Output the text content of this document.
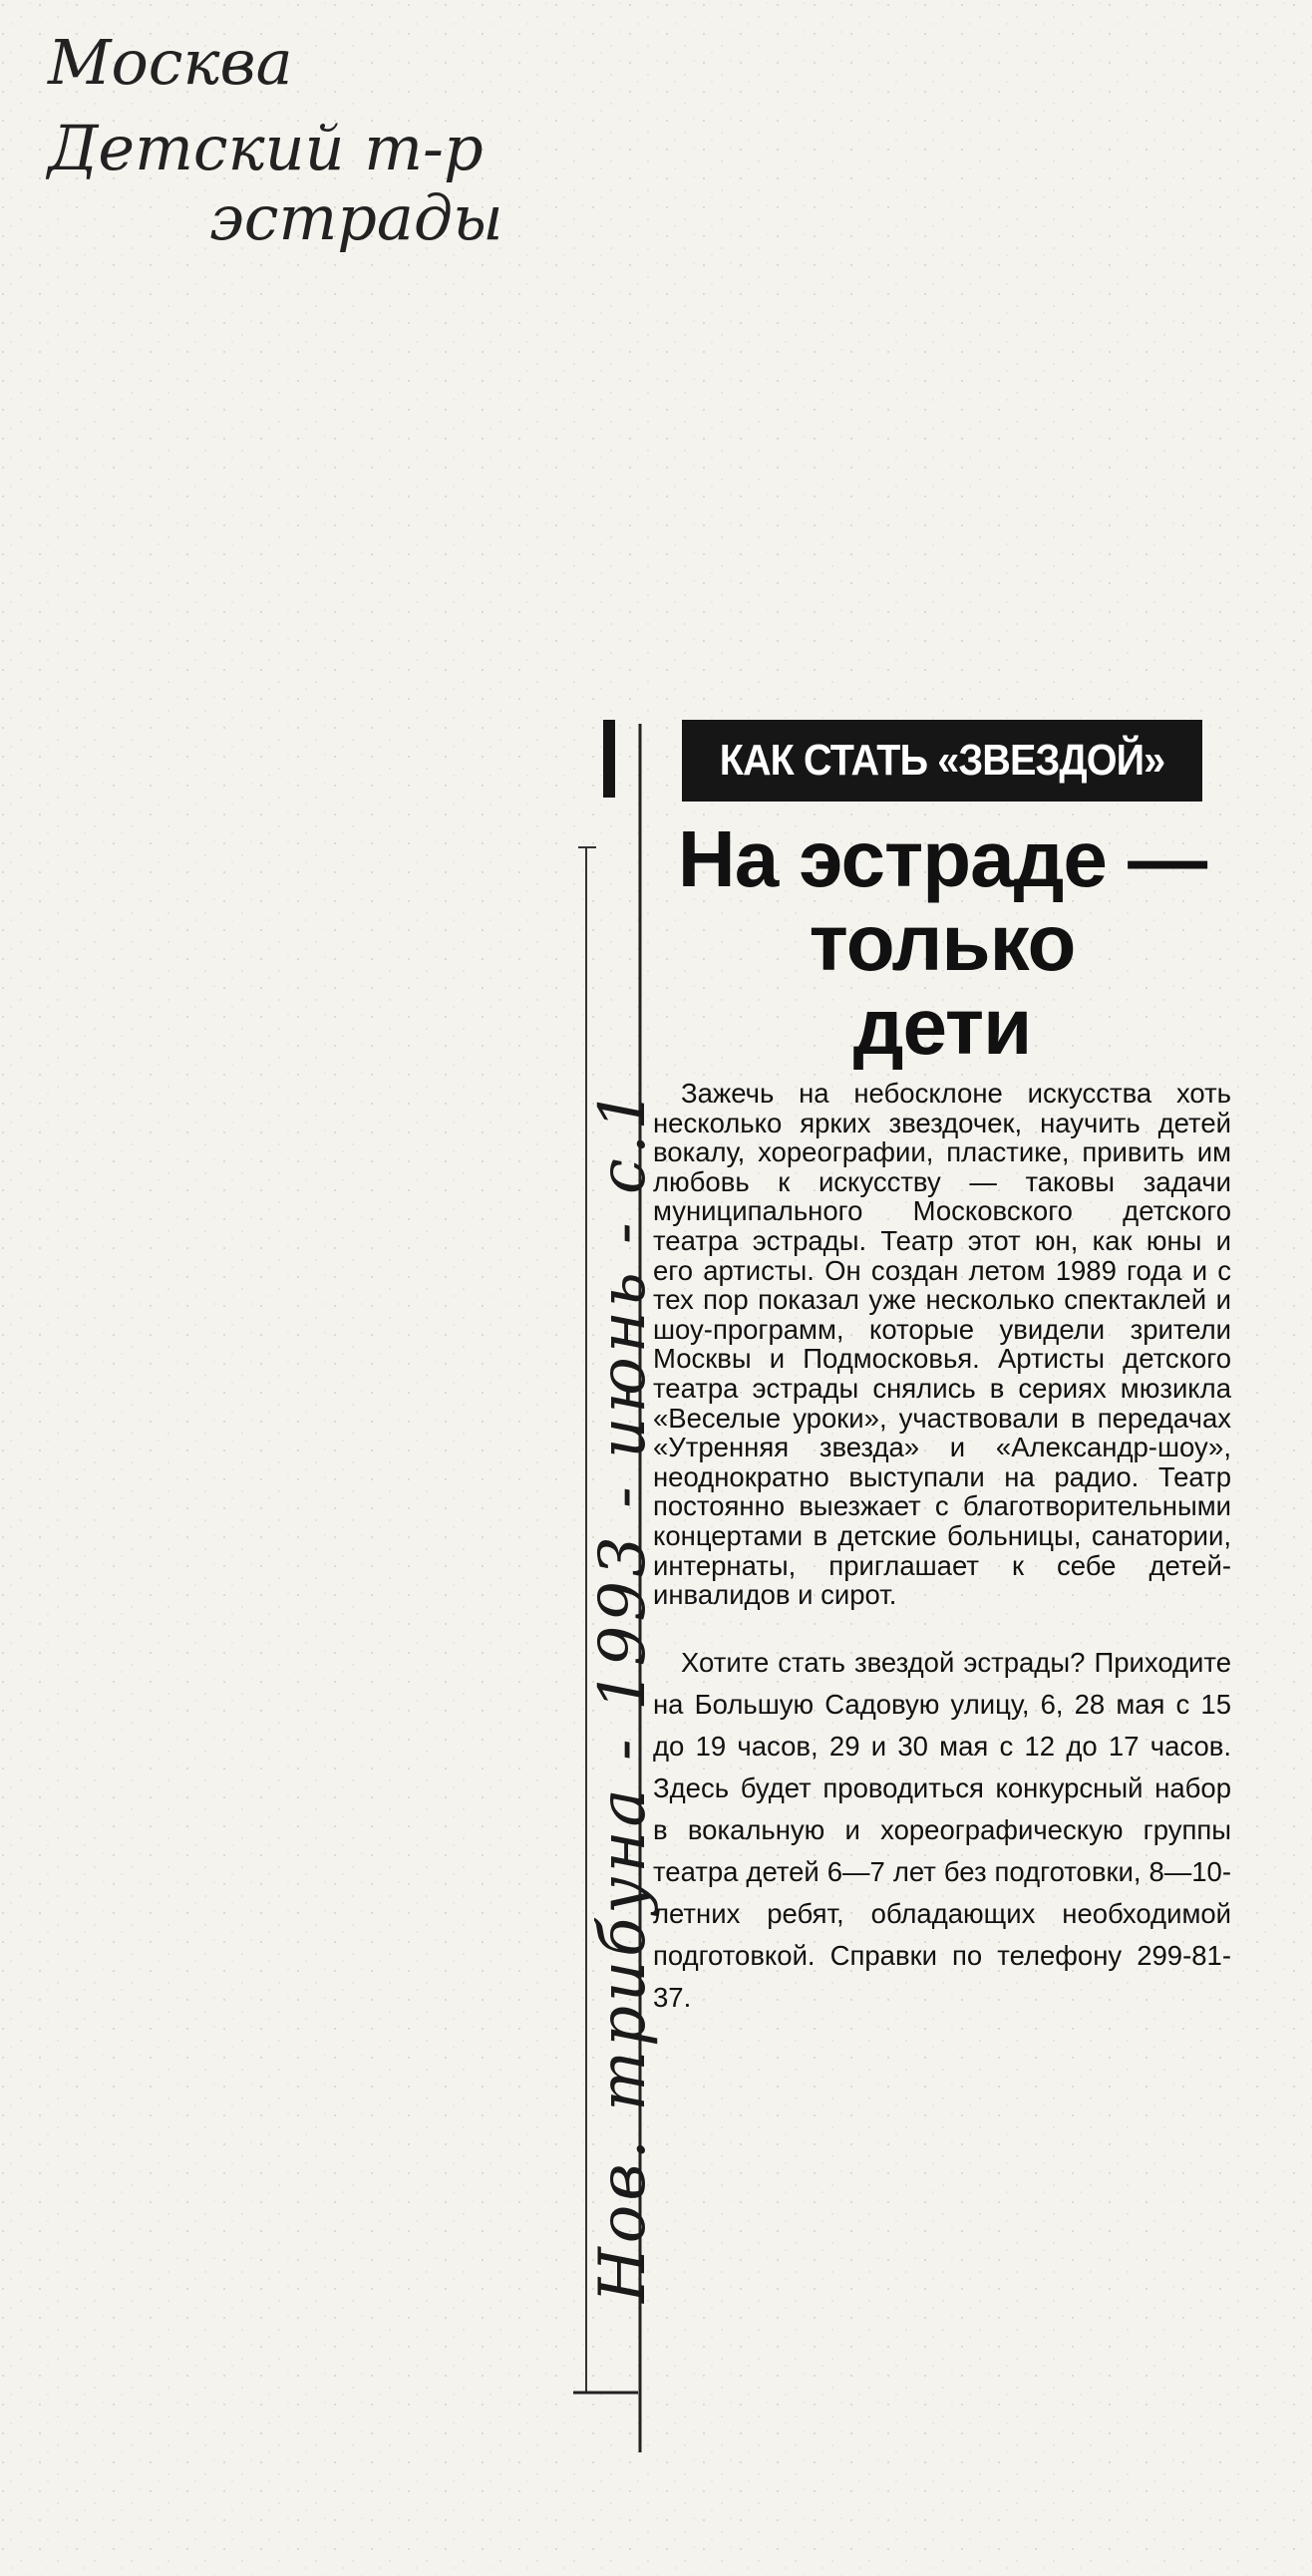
Москва
Детский т-р
эстрады
Нов. трибуна - 1993 - июнь - с.1
КАК СТАТЬ «ЗВЕЗДОЙ»
На эстраде —
только
дети

Зажечь на небосклоне искусства хоть несколько ярких звездочек, научить детей вокалу, хореографии, пластике, привить им любовь к искусству — таковы задачи муниципального Московского детского театра эстрады. Театр этот юн, как юны и его артисты. Он создан летом 1989 года и с тех пор показал уже несколько спектаклей и шоу-программ, которые увидели зрители Москвы и Подмосковья. Артисты детского театра эстрады снялись в сериях мюзикла «Веселые уроки», участвовали в передачах «Утренняя звезда» и «Александр-шоу», неоднократно выступали на радио. Театр постоянно выезжает с благотворительными концертами в детские больницы, санатории, интернаты, приглашает к себе детей-инвалидов и сирот.

Хотите стать звездой эстрады? Приходите на Большую Садовую улицу, 6, 28 мая с 15 до 19 часов, 29 и 30 мая с 12 до 17 часов. Здесь будет проводиться конкурсный набор в вокальную и хореографическую группы театра детей 6—7 лет без подготовки, 8—10-летних ребят, обладающих необходимой подготовкой. Справки по телефону 299-81-37.
